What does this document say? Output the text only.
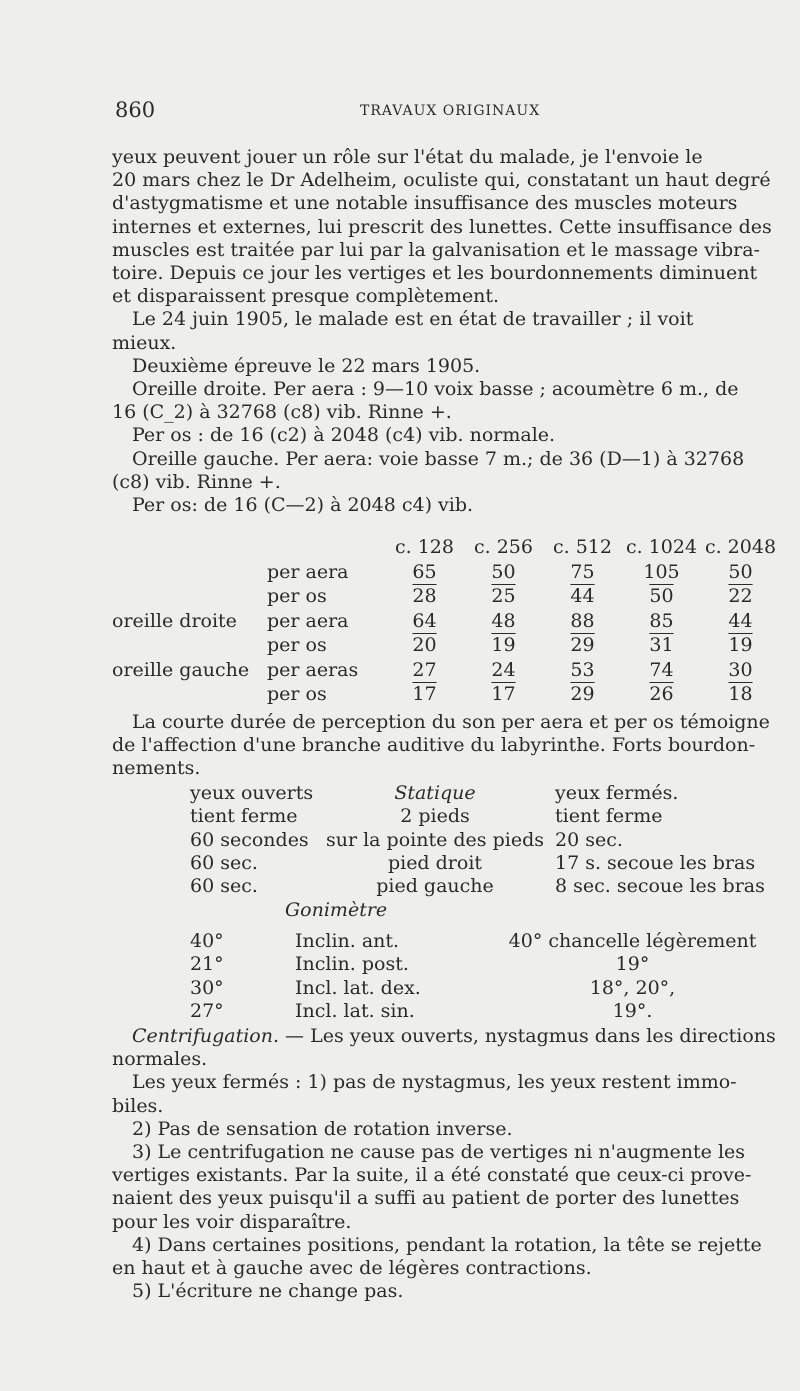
860	TRAVAUX ORIGINAUX

yeux peuvent jouer un rôle sur l'état du malade, je l'envoie le
20 mars chez le Dr Adelheim, oculiste qui, constatant un haut degré
d'astygmatisme et une notable insuffisance des muscles moteurs
internes et externes, lui prescrit des lunettes. Cette insuffisance des
muscles est traitée par lui par la galvanisation et le massage vibra-
toire. Depuis ce jour les vertiges et les bourdonnements diminuent
et disparaissent presque complètement.

Le 24 juin 1905, le malade est en état de travailler ; il voit
mieux.

Deuxième épreuve le 22 mars 1905.

Oreille droite. Per aera : 9—10 voix basse ; acoumètre 6 m., de
16 (C_2) à 32768 (c8) vib. Rinne +.

Per os : de 16 (c2) à 2048 (c4) vib. normale.

Oreille gauche. Per aera: voie basse 7 m.; de 36 (D—1) à 32768
(c8) vib. Rinne +.

Per os: de 16 (C—2) à 2048 c4) vib.

		c. 128	c. 256	c. 512	c. 1024	c. 2048
	per aera	65	50	75	105	50
	per os	28	25	44	50	22
oreille droite	per aera	64	48	88	85	44
	per os	20	19	29	31	19
oreille gauche	per aeras	27	24	53	74	30
	per os	17	17	29	26	18

La courte durée de perception du son per aera et per os témoigne
de l'affection d'une branche auditive du labyrinthe. Forts bourdon-
nements.

yeux ouverts	Statique	yeux fermés.
tient ferme	2 pieds	tient ferme
60 secondes	sur la pointe des pieds	20 sec.
60 sec.	pied droit	17 s. secoue les bras
60 sec.	pied gauche	8 sec. secoue les bras
Gonimètre		
40°	Inclin. ant.	40° chancelle légèrement
21°	Inclin. post.	19°
30°	Incl. lat. dex.	18°, 20°,
27°	Incl. lat. sin.	19°.

Centrifugation. — Les yeux ouverts, nystagmus dans les directions
normales.

Les yeux fermés : 1) pas de nystagmus, les yeux restent immo-
biles.

2) Pas de sensation de rotation inverse.

3) Le centrifugation ne cause pas de vertiges ni n'augmente les
vertiges existants. Par la suite, il a été constaté que ceux-ci prove-
naient des yeux puisqu'il a suffi au patient de porter des lunettes
pour les voir disparaître.

4) Dans certaines positions, pendant la rotation, la tête se rejette
en haut et à gauche avec de légères contractions.

5) L'écriture ne change pas.
